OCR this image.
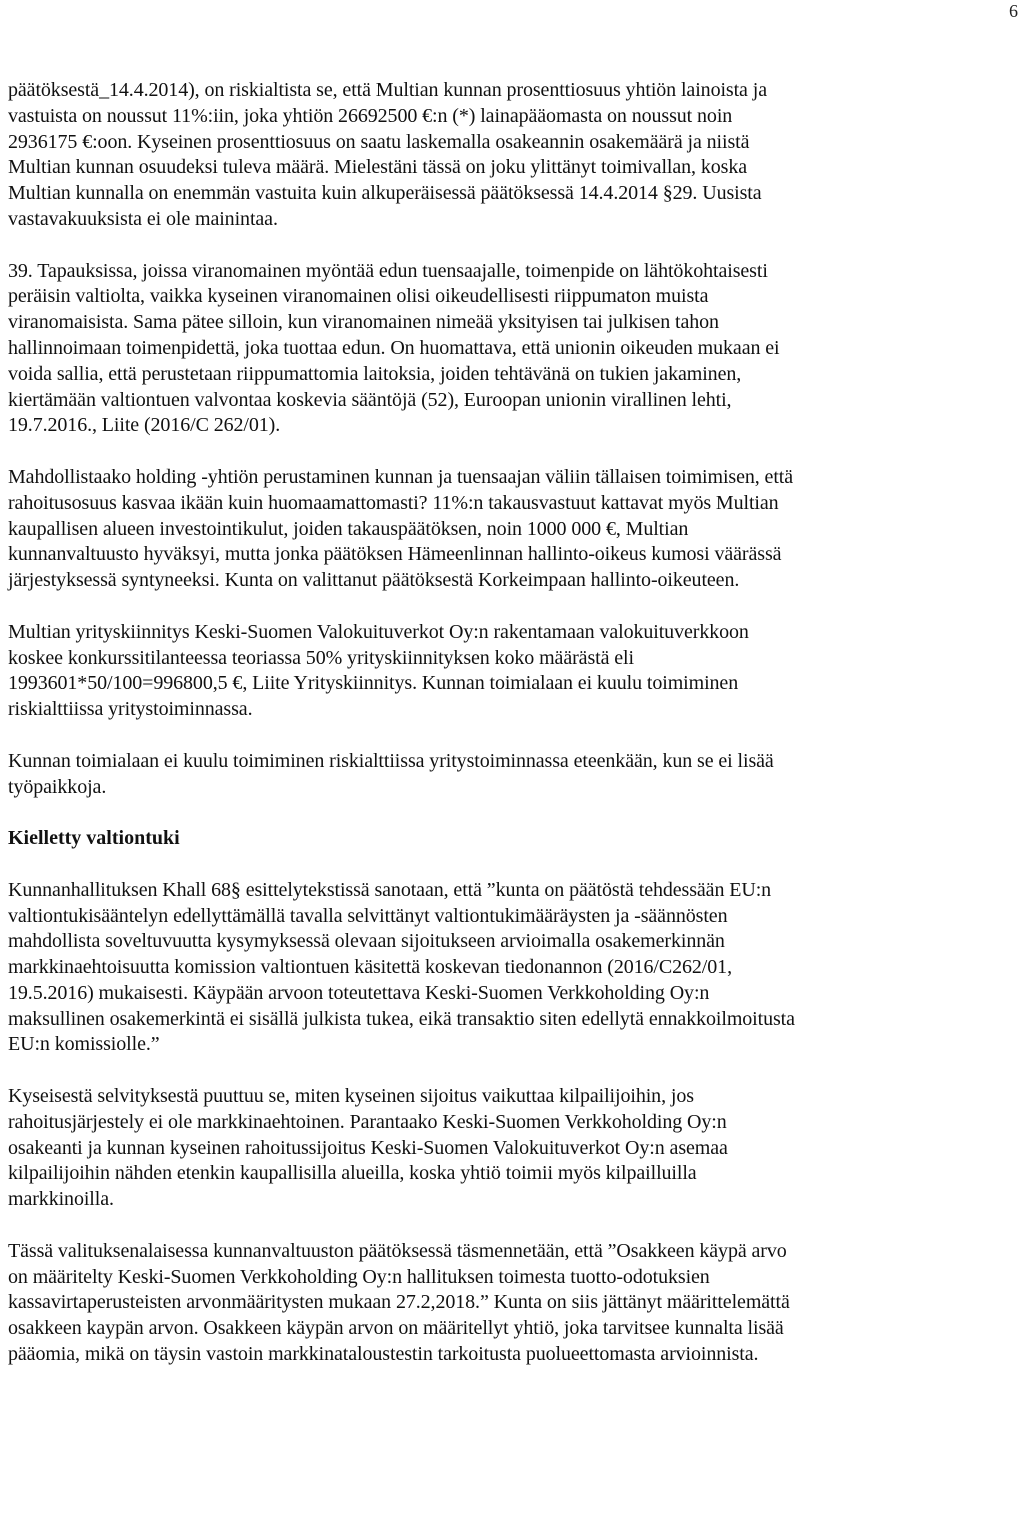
6

päätöksestä_14.4.2014), on riskialtista se, että Multian kunnan prosenttiosuus yhtiön lainoista ja
vastuista on noussut 11%:iin, joka yhtiön 26692500 €:n (*) lainapääomasta on noussut noin
2936175 €:oon. Kyseinen prosenttiosuus on saatu laskemalla osakeannin osakemäärä ja niistä
Multian kunnan osuudeksi tuleva määrä. Mielestäni tässä on joku ylittänyt toimivallan, koska
Multian kunnalla on enemmän vastuita kuin alkuperäisessä päätöksessä 14.4.2014 §29. Uusista
vastavakuuksista ei ole mainintaa.

39. Tapauksissa, joissa viranomainen myöntää edun tuensaajalle, toimenpide on lähtökohtaisesti
peräisin valtiolta, vaikka kyseinen viranomainen olisi oikeudellisesti riippumaton muista
viranomaisista. Sama pätee silloin, kun viranomainen nimeää yksityisen tai julkisen tahon
hallinnoimaan toimenpidettä, joka tuottaa edun. On huomattava, että unionin oikeuden mukaan ei
voida sallia, että perustetaan riippumattomia laitoksia, joiden tehtävänä on tukien jakaminen,
kiertämään valtiontuen valvontaa koskevia sääntöjä (52), Euroopan unionin virallinen lehti,
19.7.2016., Liite (2016/C 262/01).

Mahdollistaako holding -yhtiön perustaminen kunnan ja tuensaajan väliin tällaisen toimimisen, että
rahoitusosuus kasvaa ikään kuin huomaamattomasti? 11%:n takausvastuut kattavat myös Multian
kaupallisen alueen investointikulut, joiden takauspäätöksen, noin 1000 000 €, Multian
kunnanvaltuusto hyväksyi, mutta jonka päätöksen Hämeenlinnan hallinto-oikeus kumosi väärässä
järjestyksessä syntyneeksi. Kunta on valittanut päätöksestä Korkeimpaan hallinto-oikeuteen.

Multian yrityskiinnitys Keski-Suomen Valokuituverkot Oy:n rakentamaan valokuituverkkoon
koskee konkurssitilanteessa teoriassa 50% yrityskiinnityksen koko määrästä eli
1993601*50/100=996800,5 €, Liite Yrityskiinnitys. Kunnan toimialaan ei kuulu toimiminen
riskialttiissa yritystoiminnassa.

Kunnan toimialaan ei kuulu toimiminen riskialttiissa yritystoiminnassa eteenkään, kun se ei lisää
työpaikkoja.

Kielletty valtiontuki

Kunnanhallituksen Khall 68§ esittelytekstissä sanotaan, että ”kunta on päätöstä tehdessään EU:n
valtiontukisääntelyn edellyttämällä tavalla selvittänyt valtiontukimääräysten ja -säännösten
mahdollista soveltuvuutta kysymyksessä olevaan sijoitukseen arvioimalla osakemerkinnän
markkinaehtoisuutta komission valtiontuen käsitettä koskevan tiedonannon (2016/C262/01,
19.5.2016) mukaisesti. Käypään arvoon toteutettava Keski-Suomen Verkkoholding Oy:n
maksullinen osakemerkintä ei sisällä julkista tukea, eikä transaktio siten edellytä ennakkoilmoitusta
EU:n komissiolle.”

Kyseisestä selvityksestä puuttuu se, miten kyseinen sijoitus vaikuttaa kilpailijoihin, jos
rahoitusjärjestely ei ole markkinaehtoinen. Parantaako Keski-Suomen Verkkoholding Oy:n
osakeanti ja kunnan kyseinen rahoitussijoitus Keski-Suomen Valokuituverkot Oy:n asemaa
kilpailijoihin nähden etenkin kaupallisilla alueilla, koska yhtiö toimii myös kilpailluilla
markkinoilla.

Tässä valituksenalaisessa kunnanvaltuuston päätöksessä täsmennetään, että ”Osakkeen käypä arvo
on määritelty Keski-Suomen Verkkoholding Oy:n hallituksen toimesta tuotto-odotuksien
kassavirtaperusteisten arvonmääritysten mukaan 27.2,2018.” Kunta on siis jättänyt määrittelemättä
osakkeen kaypän arvon. Osakkeen käypän arvon on määritellyt yhtiö, joka tarvitsee kunnalta lisää
pääomia, mikä on täysin vastoin markkinataloustestin tarkoitusta puolueettomasta arvioinnista.
